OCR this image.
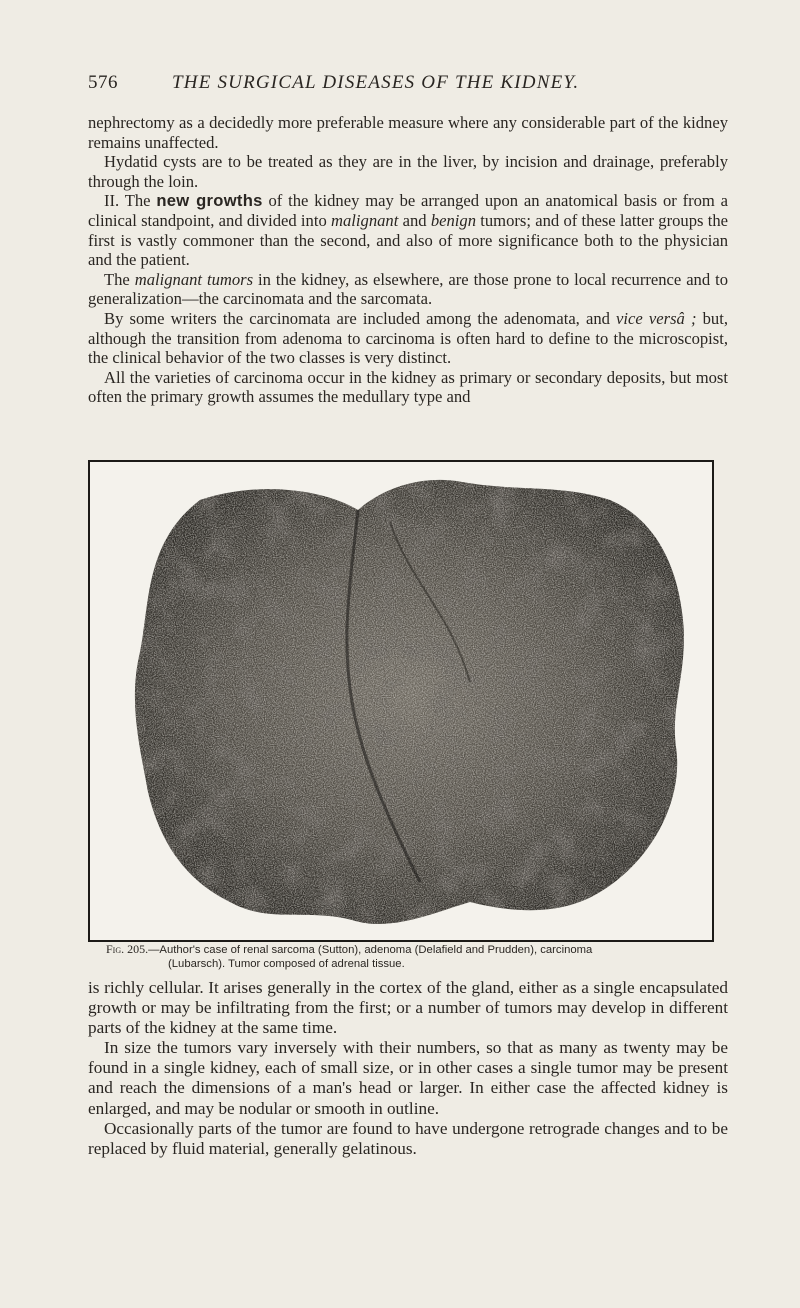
576	THE SURGICAL DISEASES OF THE KIDNEY.

nephrectomy as a decidedly more preferable measure where any considerable part of the kidney remains unaffected.

Hydatid cysts are to be treated as they are in the liver, by incision and drainage, preferably through the loin.

II. The new growths of the kidney may be arranged upon an anatomical basis or from a clinical standpoint, and divided into malignant and benign tumors; and of these latter groups the first is vastly commoner than the second, and also of more significance both to the physician and the patient.

The malignant tumors in the kidney, as elsewhere, are those prone to local recurrence and to generalization—the carcinomata and the sarcomata.

By some writers the carcinomata are included among the adenomata, and vice versâ ; but, although the transition from adenoma to carcinoma is often hard to define to the microscopist, the clinical behavior of the two classes is very distinct.

All the varieties of carcinoma occur in the kidney as primary or secondary deposits, but most often the primary growth assumes the medullary type and

Fig. 205.—Author's case of renal sarcoma (Sutton), adenoma (Delafield and Prudden), carcinoma
(Lubarsch). Tumor composed of adrenal tissue.

is richly cellular. It arises generally in the cortex of the gland, either as a single encapsulated growth or may be infiltrating from the first; or a number of tumors may develop in different parts of the kidney at the same time.

In size the tumors vary inversely with their numbers, so that as many as twenty may be found in a single kidney, each of small size, or in other cases a single tumor may be present and reach the dimensions of a man's head or larger. In either case the affected kidney is enlarged, and may be nodular or smooth in outline.

Occasionally parts of the tumor are found to have undergone retrograde changes and to be replaced by fluid material, generally gelatinous.
